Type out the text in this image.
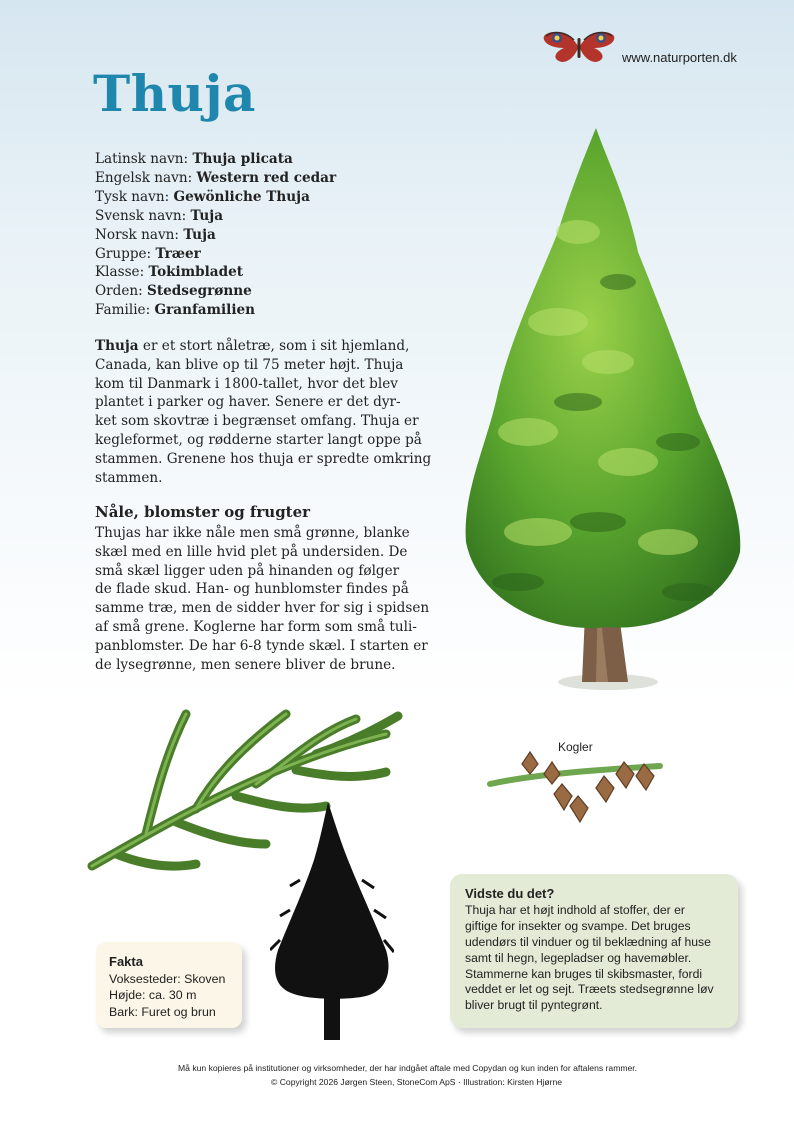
www.naturporten.dk
Thuja
Latinsk navn: Thuja plicata
Engelsk navn: Western red cedar
Tysk navn: Gewönliche Thuja
Svensk navn: Tuja
Norsk navn: Tuja
Gruppe: Træer
Klasse: Tokimbladet
Orden: Stedsegrønne
Familie: Granfamilien
Thuja er et stort nåletræ, som i sit hjemland,
Canada, kan blive op til 75 meter højt. Thuja
kom til Danmark i 1800-tallet, hvor det blev
plantet i parker og haver. Senere er det dyr-
ket som skovtræ i begrænset omfang. Thuja er
kegleformet, og rødderne starter langt oppe på
stammen. Grenene hos thuja er spredte omkring
stammen.
Nåle, blomster og frugter
Thujas har ikke nåle men små grønne, blanke
skæl med en lille hvid plet på undersiden. De
små skæl ligger uden på hinanden og følger
de flade skud. Han- og hunblomster findes på
samme træ, men de sidder hver for sig i spidsen
af små grene. Koglerne har form som små tuli-
panblomster. De har 6-8 tynde skæl. I starten er
de lysegrønne, men senere bliver de brune.
Kogler
Fakta
Voksesteder: Skoven
Højde: ca. 30 m
Bark: Furet og brun
Vidste du det?
Thuja har et højt indhold af stoffer, der er
giftige for insekter og svampe. Det bruges
udendørs til vinduer og til beklædning af huse
samt til hegn, legepladser og havemøbler.
Stammerne kan bruges til skibsmaster, fordi
veddet er let og sejt. Træets stedsegrønne løv
bliver brugt til pyntegrønt.
Må kun kopieres på institutioner og virksomheder, der har indgået aftale med Copydan og kun inden for aftalens rammer.
© Copyright 2026 Jørgen Steen, StoneCom ApS · Illustration: Kirsten Hjørne
